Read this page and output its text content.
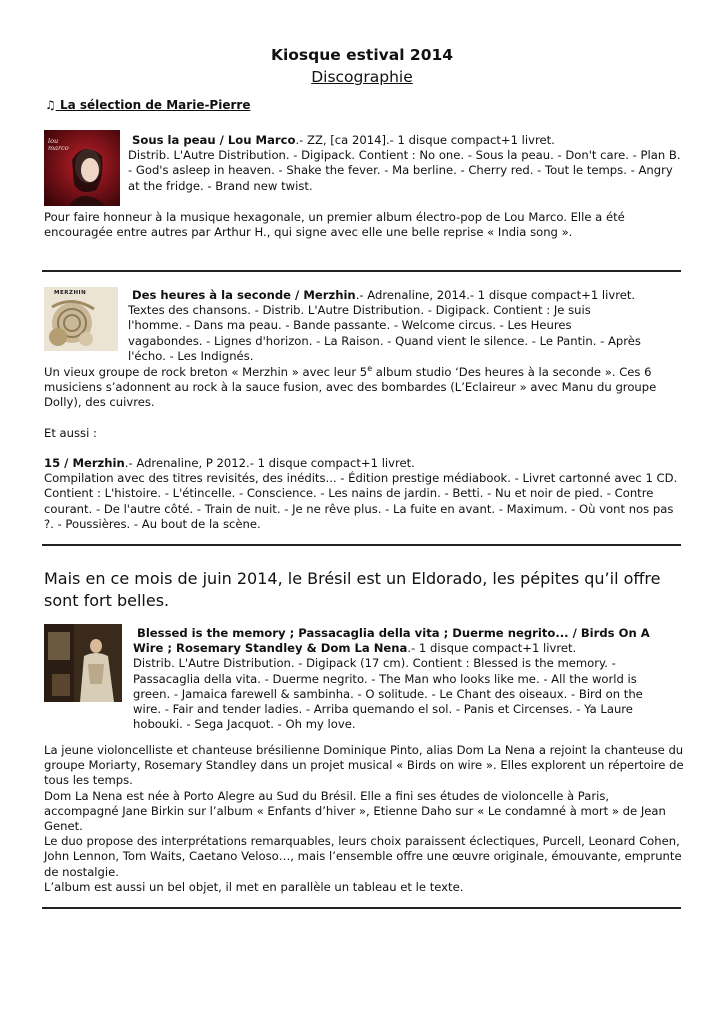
Kiosque estival 2014
Discographie
♫ La sélection de Marie-Pierre
lou marco
Sous la peau / Lou Marco.- ZZ, [ca 2014].- 1 disque compact+1 livret.
Distrib. L'Autre Distribution. - Digipack. Contient : No one. - Sous la peau. - Don't care. - Plan B. - God's asleep in heaven. - Shake the fever. - Ma berline. - Cherry red. - Tout le temps. - Angry at the fridge. - Brand new twist.
Pour faire honneur à la musique hexagonale, un premier album électro-pop de Lou Marco. Elle a été encouragée entre autres par Arthur H., qui signe avec elle une belle reprise « India song ».
MERZHIN	Des heures à la seconde / Merzhin.- Adrenaline, 2014.- 1 disque compact+1 livret.
Textes des chansons. - Distrib. L'Autre Distribution. - Digipack. Contient : Je suis l'homme. - Dans ma peau. - Bande passante. - Welcome circus. - Les Heures vagabondes. - Lignes d'horizon. - La Raison. - Quand vient le silence. - Le Pantin. - Après l'écho. - Les Indignés.
Un vieux groupe de rock breton « Merzhin » avec leur 5e album studio ‘Des heures à la seconde ». Ces 6 musiciens s’adonnent au rock à la sauce fusion, avec des bombardes (L’Eclaireur » avec Manu du groupe Dolly), des cuivres.
Et aussi :
15 / Merzhin.- Adrenaline, P 2012.- 1 disque compact+1 livret.
Compilation avec des titres revisités, des inédits... - Édition prestige médiabook. - Livret cartonné avec 1 CD. Contient : L'histoire. - L'étincelle. - Conscience. - Les nains de jardin. - Betti. - Nu et noir de pied. - Contre courant. - De l'autre côté. - Train de nuit. - Je ne rêve plus. - La fuite en avant. - Maximum. - Où vont nos pas ?. - Poussières. - Au bout de la scène.
Mais en ce mois de juin 2014, le Brésil est un Eldorado, les pépites qu’il offre sont fort belles.
Blessed is the memory ; Passacaglia della vita ; Duerme negrito... / Birds On A Wire ; Rosemary Standley & Dom La Nena.- 1 disque compact+1 livret.
Distrib. L'Autre Distribution. - Digipack (17 cm). Contient : Blessed is the memory. - Passacaglia della vita. - Duerme negrito. - The Man who looks like me. - All the world is green. - Jamaica farewell & sambinha. - O solitude. - Le Chant des oiseaux. - Bird on the wire. - Fair and tender ladies. - Arriba quemando el sol. - Panis et Circenses. - Ya Laure hobouki. - Sega Jacquot. - Oh my love.
La jeune violoncelliste et chanteuse brésilienne Dominique Pinto, alias Dom La Nena a rejoint la chanteuse du groupe Moriarty, Rosemary Standley dans un projet musical « Birds on wire ». Elles explorent un répertoire de tous les temps.
Dom La Nena est née à Porto Alegre au Sud du Brésil. Elle a fini ses études de violoncelle à Paris, accompagné Jane Birkin sur l’album « Enfants d’hiver », Etienne Daho sur « Le condamné à mort » de Jean Genet.
Le duo propose des interprétations remarquables, leurs choix paraissent éclectiques, Purcell, Leonard Cohen, John Lennon, Tom Waits, Caetano Veloso…, mais l’ensemble offre une œuvre originale, émouvante, emprunte de nostalgie.
L’album est aussi un bel objet, il met en parallèle un tableau et le texte.
